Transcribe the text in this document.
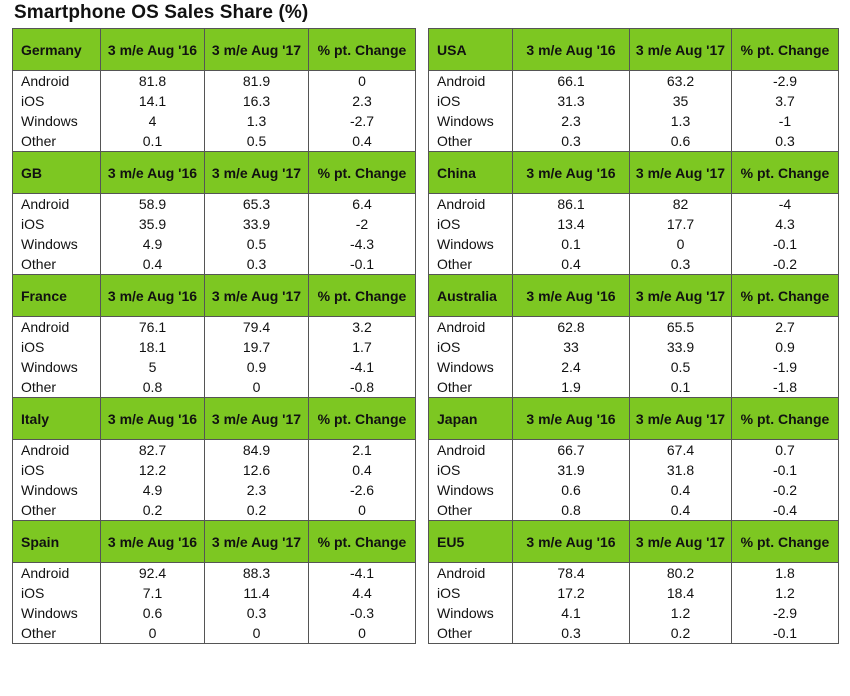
Smartphone OS Sales Share (%)
Germany	3 m/e Aug '16	3 m/e Aug '17	% pt. Change
Android	81.8	81.9	0
iOS	14.1	16.3	2.3
Windows	4	1.3	-2.7
Other	0.1	0.5	0.4
GB	3 m/e Aug '16	3 m/e Aug '17	% pt. Change
Android	58.9	65.3	6.4
iOS	35.9	33.9	-2
Windows	4.9	0.5	-4.3
Other	0.4	0.3	-0.1
France	3 m/e Aug '16	3 m/e Aug '17	% pt. Change
Android	76.1	79.4	3.2
iOS	18.1	19.7	1.7
Windows	5	0.9	-4.1
Other	0.8	0	-0.8
Italy	3 m/e Aug '16	3 m/e Aug '17	% pt. Change
Android	82.7	84.9	2.1
iOS	12.2	12.6	0.4
Windows	4.9	2.3	-2.6
Other	0.2	0.2	0
Spain	3 m/e Aug '16	3 m/e Aug '17	% pt. Change
Android	92.4	88.3	-4.1
iOS	7.1	11.4	4.4
Windows	0.6	0.3	-0.3
Other	0	0	0
USA	3 m/e Aug '16	3 m/e Aug '17	% pt. Change
Android	66.1	63.2	-2.9
iOS	31.3	35	3.7
Windows	2.3	1.3	-1
Other	0.3	0.6	0.3
China	3 m/e Aug '16	3 m/e Aug '17	% pt. Change
Android	86.1	82	-4
iOS	13.4	17.7	4.3
Windows	0.1	0	-0.1
Other	0.4	0.3	-0.2
Australia	3 m/e Aug '16	3 m/e Aug '17	% pt. Change
Android	62.8	65.5	2.7
iOS	33	33.9	0.9
Windows	2.4	0.5	-1.9
Other	1.9	0.1	-1.8
Japan	3 m/e Aug '16	3 m/e Aug '17	% pt. Change
Android	66.7	67.4	0.7
iOS	31.9	31.8	-0.1
Windows	0.6	0.4	-0.2
Other	0.8	0.4	-0.4
EU5	3 m/e Aug '16	3 m/e Aug '17	% pt. Change
Android	78.4	80.2	1.8
iOS	17.2	18.4	1.2
Windows	4.1	1.2	-2.9
Other	0.3	0.2	-0.1
